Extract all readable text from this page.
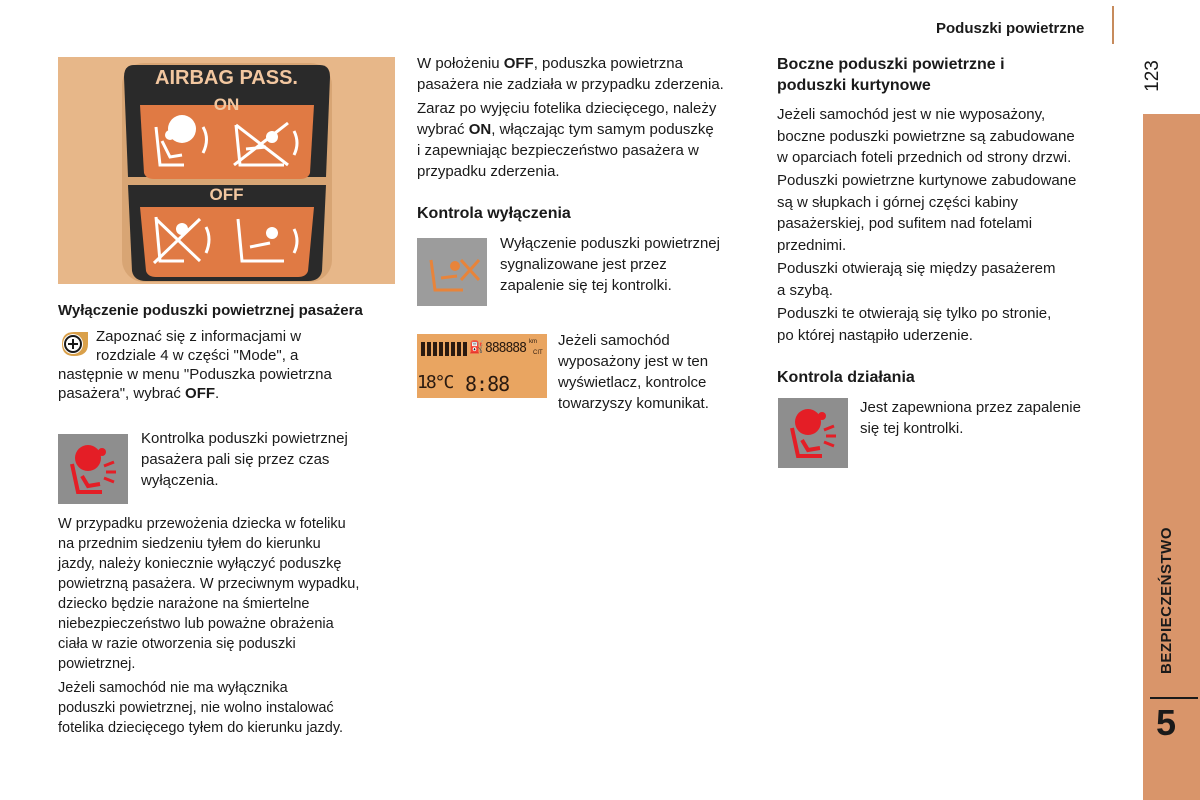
Poduszki powietrzne
123
BEZPIECZEŃSTWO
5
AIRBAG PASS.
ON
OFF
Wyłączenie poduszki powietrznej pasażera
Zapoznać się z informacjami w
rozdziale 4 w części "Mode", a
następnie w menu "Poduszka powietrzna
pasażera", wybrać OFF.
Kontrolka poduszki powietrznej
pasażera pali się przez czas
wyłączenia.
W przypadku przewożenia dziecka w foteliku
na przednim siedzeniu tyłem do kierunku
jazdy, należy koniecznie wyłączyć poduszkę
powietrzną pasażera. W przeciwnym wypadku,
dziecko będzie narażone na śmiertelne
niebezpieczeństwo lub poważne obrażenia
ciała w razie otworzenia się poduszki
powietrznej.
Jeżeli samochód nie ma wyłącznika
poduszki powietrznej, nie wolno instalować
fotelika dziecięcego tyłem do kierunku jazdy.
W położeniu OFF, poduszka powietrzna
pasażera nie zadziała w przypadku zderzenia.
Zaraz po wyjęciu fotelika dziecięcego, należy
wybrać ON, włączając tym samym poduszkę
i zapewniając bezpieczeństwo pasażera w
przypadku zderzenia.
Kontrola wyłączenia
Wyłączenie poduszki powietrznej
sygnalizowane jest przez
zapalenie się tej kontrolki.
⛽ 888888 km
CIT
18°C 8:88
Jeżeli samochód
wyposażony jest w ten
wyświetlacz, kontrolce
towarzyszy komunikat.
Boczne poduszki powietrzne i
poduszki kurtynowe
Jeżeli samochód jest w nie wyposażony,
boczne poduszki powietrzne są zabudowane
w oparciach foteli przednich od strony drzwi.
Poduszki powietrzne kurtynowe zabudowane
są w słupkach i górnej części kabiny
pasażerskiej, pod sufitem nad fotelami
przednimi.
Poduszki otwierają się między pasażerem
a szybą.
Poduszki te otwierają się tylko po stronie,
po której nastąpiło uderzenie.
Kontrola działania
Jest zapewniona przez zapalenie
się tej kontrolki.
